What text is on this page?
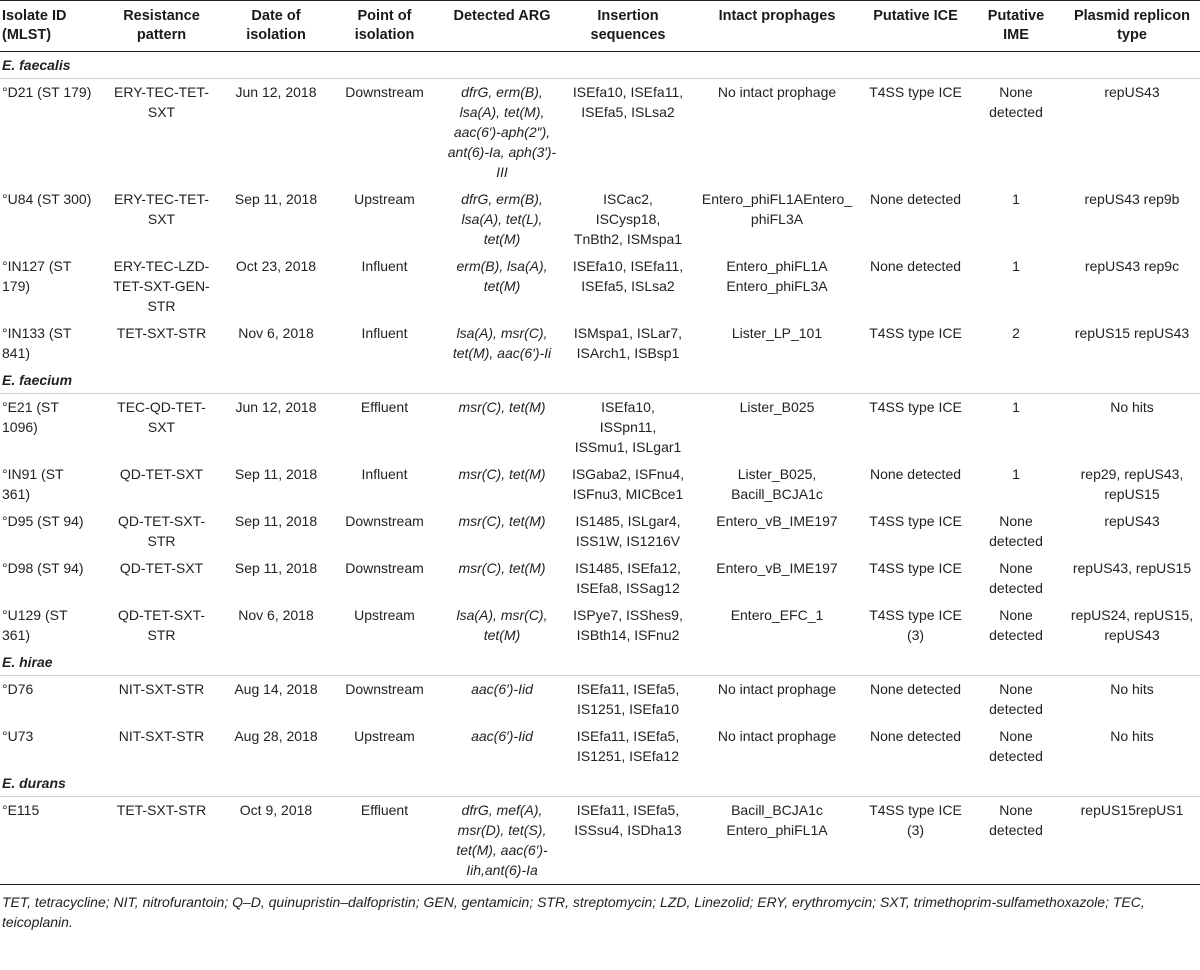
Isolate ID (MLST)	Resistance pattern	Date of isolation	Point of isolation	Detected ARG	Insertion sequences	Intact prophages	Putative ICE	Putative IME	Plasmid replicon type
E. faecalis									
°D21 (ST 179)	ERY-TEC-TET-SXT	Jun 12, 2018	Downstream	dfrG, erm(B), lsa(A), tet(M), aac(6′)-aph(2″), ant(6)-Ia, aph(3′)-III	ISEfa10, ISEfa11, ISEfa5, ISLsa2	No intact prophage	T4SS type ICE	None detected	repUS43
°U84 (ST 300)	ERY-TEC-TET-SXT	Sep 11, 2018	Upstream	dfrG, erm(B), lsa(A), tet(L), tet(M)	ISCac2, ISCysp18, TnBth2, ISMspa1	Entero_phiFL1AEntero_ phiFL3A	None detected	1	repUS43 rep9b
°IN127 (ST 179)	ERY-TEC-LZD-TET-SXT-GEN-STR	Oct 23, 2018	Influent	erm(B), lsa(A), tet(M)	ISEfa10, ISEfa11, ISEfa5, ISLsa2	Entero_phiFL1A Entero_phiFL3A	None detected	1	repUS43 rep9c
°IN133 (ST 841)	TET-SXT-STR	Nov 6, 2018	Influent	lsa(A), msr(C), tet(M), aac(6′)-Ii	ISMspa1, ISLar7, ISArch1, ISBsp1	Lister_LP_101	T4SS type ICE	2	repUS15 repUS43
E. faecium									
°E21 (ST 1096)	TEC-QD-TET-SXT	Jun 12, 2018	Effluent	msr(C), tet(M)	ISEfa10, ISSpn11, ISSmu1, ISLgar1	Lister_B025	T4SS type ICE	1	No hits
°IN91 (ST 361)	QD-TET-SXT	Sep 11, 2018	Influent	msr(C), tet(M)	ISGaba2, ISFnu4, ISFnu3, MICBce1	Lister_B025, Bacill_BCJA1c	None detected	1	rep29, repUS43, repUS15
°D95 (ST 94)	QD-TET-SXT-STR	Sep 11, 2018	Downstream	msr(C), tet(M)	IS1485, ISLgar4, ISS1W, IS1216V	Entero_vB_IME197	T4SS type ICE	None detected	repUS43
°D98 (ST 94)	QD-TET-SXT	Sep 11, 2018	Downstream	msr(C), tet(M)	IS1485, ISEfa12, ISEfa8, ISSag12	Entero_vB_IME197	T4SS type ICE	None detected	repUS43, repUS15
°U129 (ST 361)	QD-TET-SXT-STR	Nov 6, 2018	Upstream	lsa(A), msr(C), tet(M)	ISPye7, ISShes9, ISBth14, ISFnu2	Entero_EFC_1	T4SS type ICE (3)	None detected	repUS24, repUS15, repUS43
E. hirae									
°D76	NIT-SXT-STR	Aug 14, 2018	Downstream	aac(6′)-Iid	ISEfa11, ISEfa5, IS1251, ISEfa10	No intact prophage	None detected	None detected	No hits
°U73	NIT-SXT-STR	Aug 28, 2018	Upstream	aac(6′)-Iid	ISEfa11, ISEfa5, IS1251, ISEfa12	No intact prophage	None detected	None detected	No hits
E. durans									
°E115	TET-SXT-STR	Oct 9, 2018	Effluent	dfrG, mef(A), msr(D), tet(S), tet(M), aac(6′)-Iih,ant(6)-Ia	ISEfa11, ISEfa5, ISSsu4, ISDha13	Bacill_BCJA1c Entero_phiFL1A	T4SS type ICE (3)	None detected	repUS15repUS1
TET, tetracycline; NIT, nitrofurantoin; Q–D, quinupristin–dalfopristin; GEN, gentamicin; STR, streptomycin; LZD, Linezolid; ERY, erythromycin; SXT, trimethoprim-sulfamethoxazole; TEC, teicoplanin.
